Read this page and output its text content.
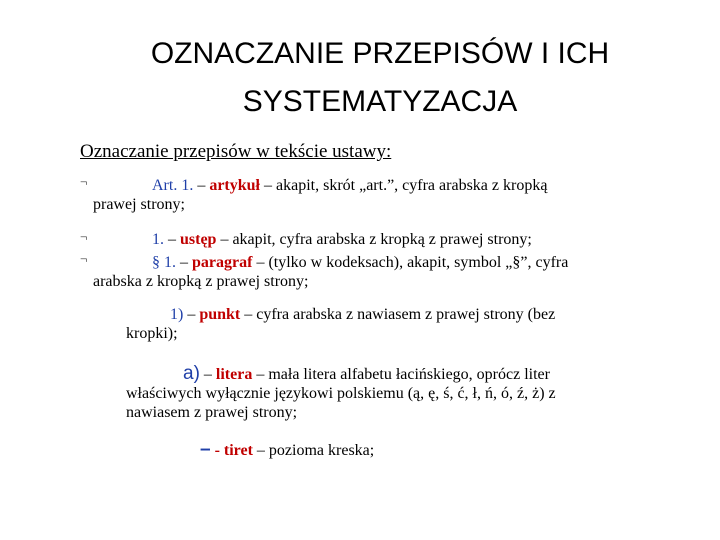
OZNACZANIE PRZEPISÓW I ICH
SYSTEMATYZACJA
Oznaczanie przepisów w tekście ustawy:
¬	Art. 1. – artykuł – akapit, skrót „art.”, cyfra arabska z kropką
prawej strony;
¬	1. – ustęp – akapit, cyfra arabska z kropką z prawej strony;
¬	§ 1. – paragraf – (tylko w kodeksach), akapit, symbol „§”, cyfra
arabska z kropką z prawej strony;
1) – punkt – cyfra arabska z nawiasem z prawej strony (bez
kropki);
a) – litera – mała litera alfabetu łacińskiego, oprócz liter
właściwych wyłącznie językowi polskiemu (ą, ę, ś, ć, ł, ń, ó, ź, ż) z
nawiasem z prawej strony;
– - tiret – pozioma kreska;
